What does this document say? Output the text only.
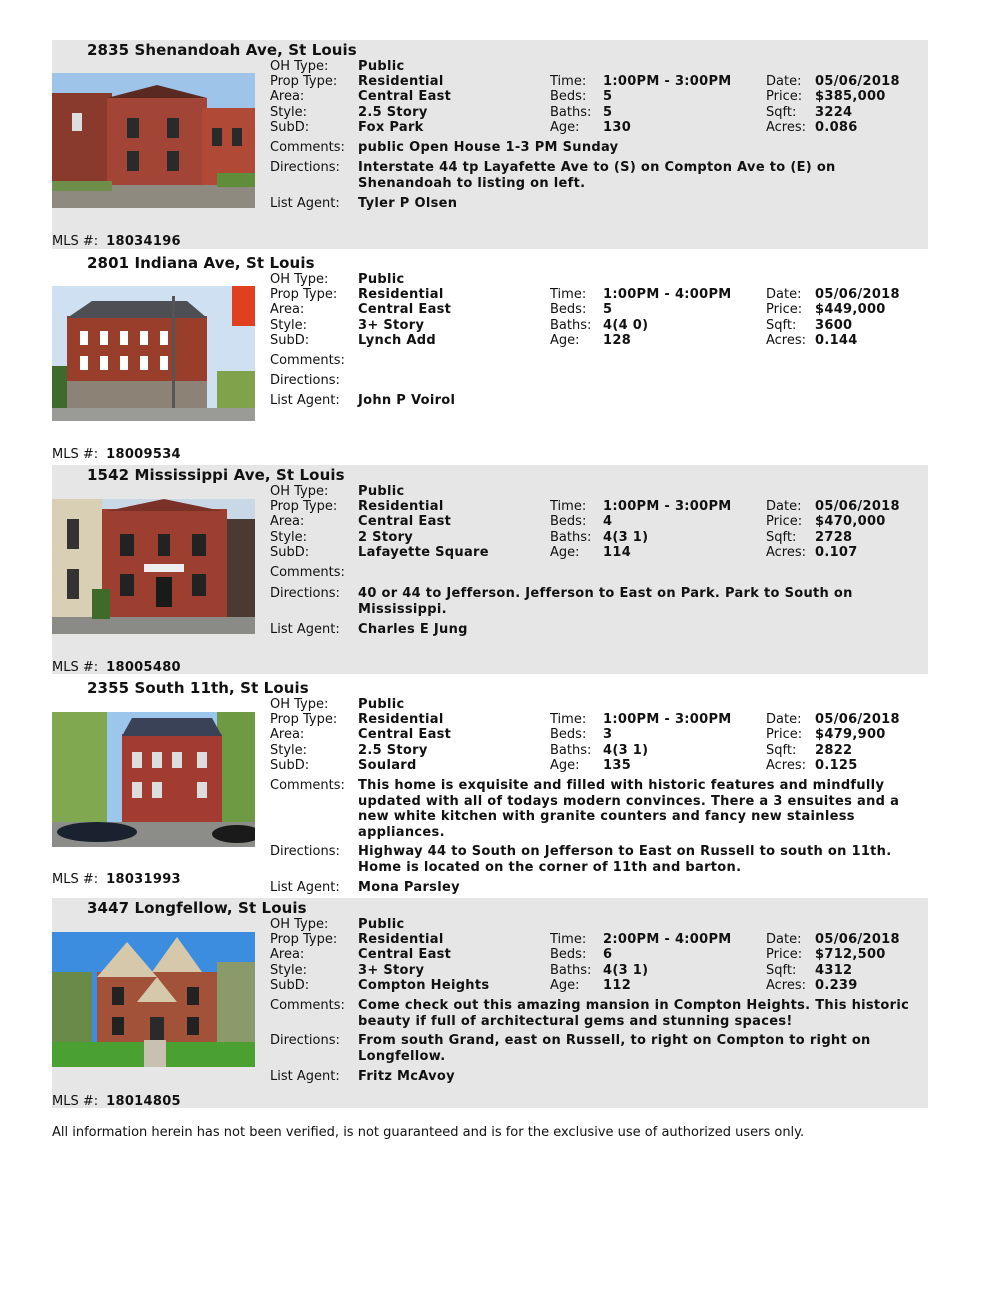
2835 Shenandoah Ave, St Louis
OH Type: Public
Prop Type: Residential
Area:	Central East
Style:	2.5 Story
SubD:	Fox Park
Time: 1:00PM - 3:00PM
Beds: 5
Baths: 5
Age: 130
Date: 05/06/2018
Price: $385,000
Sqft: 3224
Acres: 0.086
Comments: public Open House 1-3 PM Sunday
Directions: Interstate 44 tp Layafette Ave to (S) on Compton Ave to (E) on Shenandoah to listing on left.
List Agent: Tyler P Olsen
MLS #: 18034196
2801 Indiana Ave, St Louis
OH Type: Public
Prop Type: Residential
Area:	Central East
Style:	3+ Story
SubD:	Lynch Add
Time: 1:00PM - 4:00PM
Beds: 5
Baths: 4(4 0)
Age: 128
Date: 05/06/2018
Price: $449,000
Sqft: 3600
Acres: 0.144
Comments:
Directions:
List Agent: John P Voirol
MLS #: 18009534
1542 Mississippi Ave, St Louis
OH Type: Public
Prop Type: Residential
Area:	Central East
Style:	2 Story
SubD:	Lafayette Square
Time: 1:00PM - 3:00PM
Beds: 4
Baths: 4(3 1)
Age: 114
Date: 05/06/2018
Price: $470,000
Sqft: 2728
Acres: 0.107
Comments:
Directions: 40 or 44 to Jefferson. Jefferson to East on Park. Park to South on Mississippi.
List Agent: Charles E Jung
MLS #: 18005480
2355 South 11th, St Louis
OH Type: Public
Prop Type: Residential
Area:	Central East
Style:	2.5 Story
SubD:	Soulard
Time: 1:00PM - 3:00PM
Beds: 3
Baths: 4(3 1)
Age: 135
Date: 05/06/2018
Price: $479,900
Sqft: 2822
Acres: 0.125
Comments: This home is exquisite and filled with historic features and mindfully updated with all of todays modern convinces. There a 3 ensuites and a new white kitchen with granite counters and fancy new stainless appliances.
Directions: Highway 44 to South on Jefferson to East on Russell to south on 11th. Home is located on the corner of 11th and barton.
List Agent: Mona Parsley
MLS #: 18031993
3447 Longfellow, St Louis
OH Type: Public
Prop Type: Residential
Area:	Central East
Style:	3+ Story
SubD:	Compton Heights
Time: 2:00PM - 4:00PM
Beds: 6
Baths: 4(3 1)
Age: 112
Date: 05/06/2018
Price: $712,500
Sqft: 4312
Acres: 0.239
Comments: Come check out this amazing mansion in Compton Heights. This historic beauty if full of architectural gems and stunning spaces!
Directions: From south Grand, east on Russell, to right on Compton to right on Longfellow.
List Agent: Fritz McAvoy
MLS #: 18014805
All information herein has not been verified, is not guaranteed and is for the exclusive use of authorized users only.
